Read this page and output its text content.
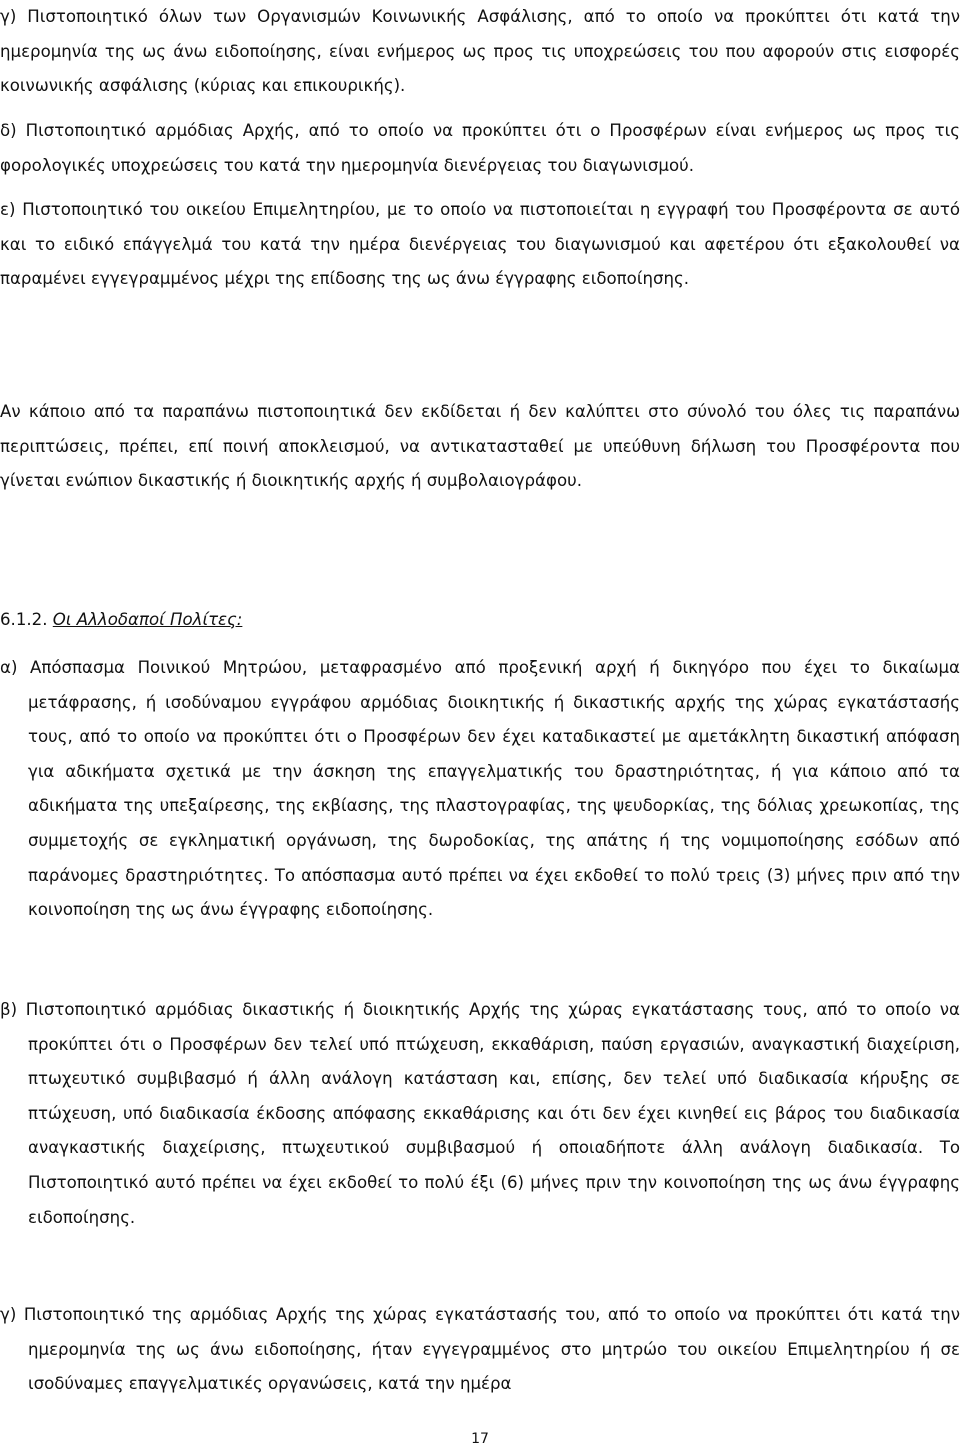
γ) Πιστοποιητικό όλων των Οργανισμών Κοινωνικής Ασφάλισης, από το οποίο να προκύπτει ότι κατά την ημερομηνία της ως άνω ειδοποίησης, είναι ενήμερος ως προς τις υποχρεώσεις του που αφορούν στις εισφορές κοινωνικής ασφάλισης (κύριας και επικουρικής).

δ) Πιστοποιητικό αρμόδιας Αρχής, από το οποίο να προκύπτει ότι ο Προσφέρων είναι ενήμερος ως προς τις φορολογικές υποχρεώσεις του κατά την ημερομηνία διενέργειας του διαγωνισμού.

ε) Πιστοποιητικό του οικείου Επιμελητηρίου, με το οποίο να πιστοποιείται η εγγραφή του Προσφέροντα σε αυτό και το ειδικό επάγγελμά του κατά την ημέρα διενέργειας του διαγωνισμού και αφετέρου ότι εξακολουθεί να παραμένει εγγεγραμμένος μέχρι της επίδοσης της ως άνω έγγραφης ειδοποίησης.

Αν κάποιο από τα παραπάνω πιστοποιητικά δεν εκδίδεται ή δεν καλύπτει στο σύνολό του όλες τις παραπάνω περιπτώσεις, πρέπει, επί ποινή αποκλεισμού, να αντικατασταθεί με υπεύθυνη δήλωση του Προσφέροντα που γίνεται ενώπιον δικαστικής ή διοικητικής αρχής ή συμβολαιογράφου.

6.1.2. Οι Αλλοδαποί Πολίτες:

α) Απόσπασμα Ποινικού Μητρώου, μεταφρασμένο από προξενική αρχή ή δικηγόρο που έχει το δικαίωμα μετάφρασης, ή ισοδύναμου εγγράφου αρμόδιας διοικητικής ή δικαστικής αρχής της χώρας εγκατάστασής τους, από το οποίο να προκύπτει ότι ο Προσφέρων δεν έχει καταδικαστεί με αμετάκλητη δικαστική απόφαση για αδικήματα σχετικά με την άσκηση της επαγγελματικής του δραστηριότητας, ή για κάποιο από τα αδικήματα της υπεξαίρεσης, της εκβίασης, της πλαστογραφίας, της ψευδορκίας, της δόλιας χρεωκοπίας, της συμμετοχής σε εγκληματική οργάνωση, της δωροδοκίας, της απάτης ή της νομιμοποίησης εσόδων από παράνομες δραστηριότητες. Το απόσπασμα αυτό πρέπει να έχει εκδοθεί το πολύ τρεις (3) μήνες πριν από την κοινοποίηση της ως άνω έγγραφης ειδοποίησης.

β) Πιστοποιητικό αρμόδιας δικαστικής ή διοικητικής Αρχής της χώρας εγκατάστασης τους, από το οποίο να προκύπτει ότι ο Προσφέρων δεν τελεί υπό πτώχευση, εκκαθάριση, παύση εργασιών, αναγκαστική διαχείριση, πτωχευτικό συμβιβασμό ή άλλη ανάλογη κατάσταση και, επίσης, δεν τελεί υπό διαδικασία κήρυξης σε πτώχευση, υπό διαδικασία έκδοσης απόφασης εκκαθάρισης και ότι δεν έχει κινηθεί εις βάρος του διαδικασία αναγκαστικής διαχείρισης, πτωχευτικού συμβιβασμού ή οποιαδήποτε άλλη ανάλογη διαδικασία. Το Πιστοποιητικό αυτό πρέπει να έχει εκδοθεί το πολύ έξι (6) μήνες πριν την κοινοποίηση της ως άνω έγγραφης ειδοποίησης.

γ) Πιστοποιητικό της αρμόδιας Αρχής της χώρας εγκατάστασής του, από το οποίο να προκύπτει ότι κατά την ημερομηνία της ως άνω ειδοποίησης, ήταν εγγεγραμμένος στο μητρώο του οικείου Επιμελητηρίου ή σε ισοδύναμες επαγγελματικές οργανώσεις, κατά την ημέρα

17
